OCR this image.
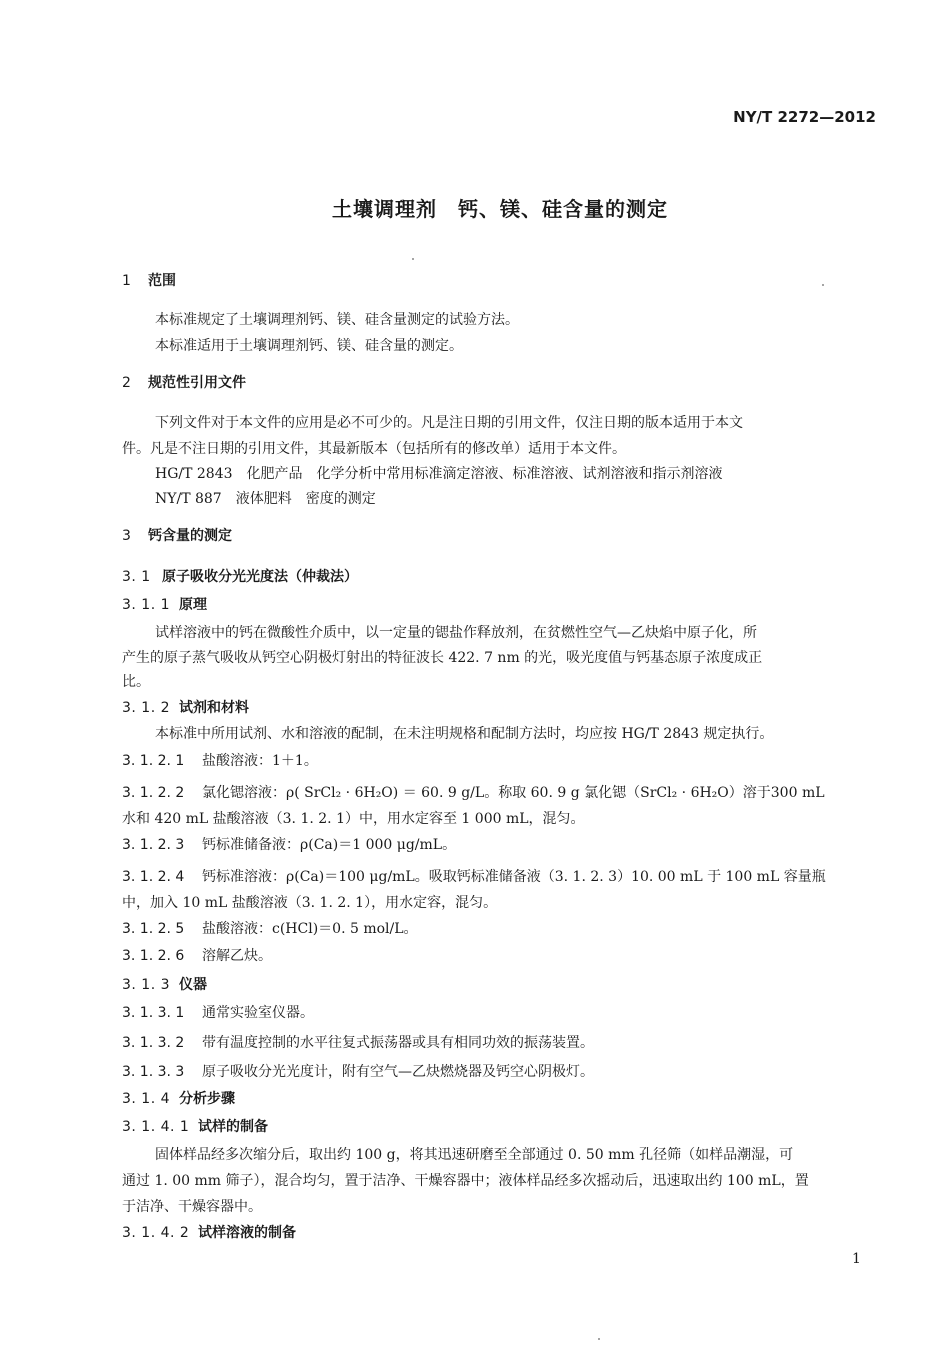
NY/T 2272—2012
土壤调理剂　钙、镁、硅含量的测定
1 范围
本标准规定了土壤调理剂钙、镁、硅含量测定的试验方法。
本标准适用于土壤调理剂钙、镁、硅含量的测定。
2 规范性引用文件
下列文件对于本文件的应用是必不可少的。凡是注日期的引用文件，仅注日期的版本适用于本文
件。凡是不注日期的引用文件，其最新版本（包括所有的修改单）适用于本文件。
HG/T 2843　化肥产品　化学分析中常用标准滴定溶液、标准溶液、试剂溶液和指示剂溶液
NY/T 887　液体肥料　密度的测定
3 钙含量的测定
3. 1 原子吸收分光光度法（仲裁法）
3. 1. 1 原理
试样溶液中的钙在微酸性介质中，以一定量的锶盐作释放剂，在贫燃性空气—乙炔焰中原子化，所
产生的原子蒸气吸收从钙空心阴极灯射出的特征波长 422. 7 nm 的光，吸光度值与钙基态原子浓度成正
比。
3. 1. 2 试剂和材料
本标准中所用试剂、水和溶液的配制，在未注明规格和配制方法时，均应按 HG/T 2843 规定执行。
3. 1. 2. 1 盐酸溶液：1＋1。
3. 1. 2. 2 氯化锶溶液：ρ( SrCl₂ · 6H₂O) ＝ 60. 9 g/L。称取 60. 9 g 氯化锶（SrCl₂ · 6H₂O）溶于300 mL
水和 420 mL 盐酸溶液（3. 1. 2. 1）中，用水定容至 1 000 mL，混匀。
3. 1. 2. 3 钙标准储备液：ρ(Ca)＝1 000 μg/mL。
3. 1. 2. 4 钙标准溶液：ρ(Ca)＝100 μg/mL。吸取钙标准储备液（3. 1. 2. 3）10. 00 mL 于 100 mL 容量瓶
中，加入 10 mL 盐酸溶液（3. 1. 2. 1），用水定容，混匀。
3. 1. 2. 5 盐酸溶液：c(HCl)＝0. 5 mol/L。
3. 1. 2. 6 溶解乙炔。
3. 1. 3 仪器
3. 1. 3. 1 通常实验室仪器。
3. 1. 3. 2 带有温度控制的水平往复式振荡器或具有相同功效的振荡装置。
3. 1. 3. 3 原子吸收分光光度计，附有空气—乙炔燃烧器及钙空心阴极灯。
3. 1. 4 分析步骤
3. 1. 4. 1 试样的制备
固体样品经多次缩分后，取出约 100 g，将其迅速研磨至全部通过 0. 50 mm 孔径筛（如样品潮湿，可
通过 1. 00 mm 筛子），混合均匀，置于洁净、干燥容器中；液体样品经多次摇动后，迅速取出约 100 mL，置
于洁净、干燥容器中。
3. 1. 4. 2 试样溶液的制备
1
